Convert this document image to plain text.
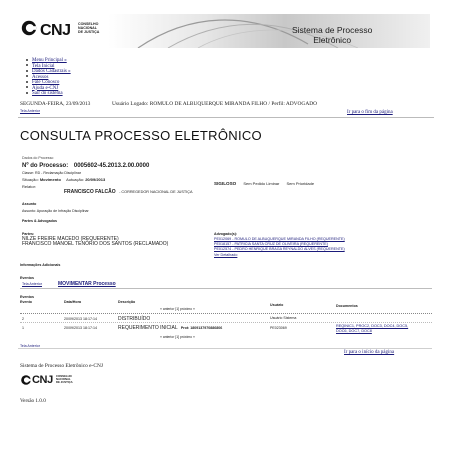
CNJ CONSELHO
NACIONAL
DE JUSTIÇA	Sistema de Processo
Eletrônico
Menu Principal »
Tela Inicial
Dados Cadastrais »
Acessos
Fale Conosco
Ajuda e-CNJ
Sair do sistema
SEGUNDA-FEIRA, 23/09/2013	Usuário Logado: ROMULO DE ALBUQUERQUE MIRANDA FILHO / Perfil: ADVOGADO
Tela Anterior	Ir para o fim da página
CONSULTA PROCESSO ELETRÔNICO
Dados do Processo
Nº do Processo: 0005602-45.2013.2.00.0000
Classe: RD - Reclamação Disciplinar
Situação: Movimento Autuação: 20/09/2013
SIGILOSO Sem Pedido Liminar Sem Prioridade
Relator:
FRANCISCO FALCÃO - CORREGEDOR NACIONAL DE JUSTIÇA
Assunto
Assunto: Apuração de Infração Disciplinar
Partes & Advogados
Partes:
NILZE FREIRE MACEDO (REQUERENTE)
FRANCISCO MANOEL TENÓRIO DOS SANTOS (RECLAMADO)
Advogado(s):
PE012069 - ROMULO DE ALBUQUERQUE MIRANDA FILHO (REQUERENTE)
PE018157 - PATRICIA SANTA CRUZ DE OLIVEIRA (REQUERENTE)
PE012574 - PEDRO HENRIQUE BRAGA REYNALDO ALVES (REQUERENTE)
Ver Detalhado
Informações Adicionais
Eventos
Tela Anterior	MOVIMENTAR Processo
Eventos
Evento	Data/Hora	Descrição
Usuário	Documentos
« anterior [1] próximo »
2	20/09/2013 18:17:14	DISTRIBUÍDO	Usuário Sistema
1	20/09/2013 18:17:14	REQUERIMENTO INICIAL Prot: 1809137970886806	PE023069	REQINIC1, PROC2, DOC3, DOC4, DOC5, DOC6, DOC7, DOC8
« anterior [1] próximo »
Tela Anterior
Ir para o início da página
Sistema de Processo Eletrônico e-CNJ
CNJ CONSELHO
NACIONAL
DE JUSTIÇA
Versão 1.0.0
